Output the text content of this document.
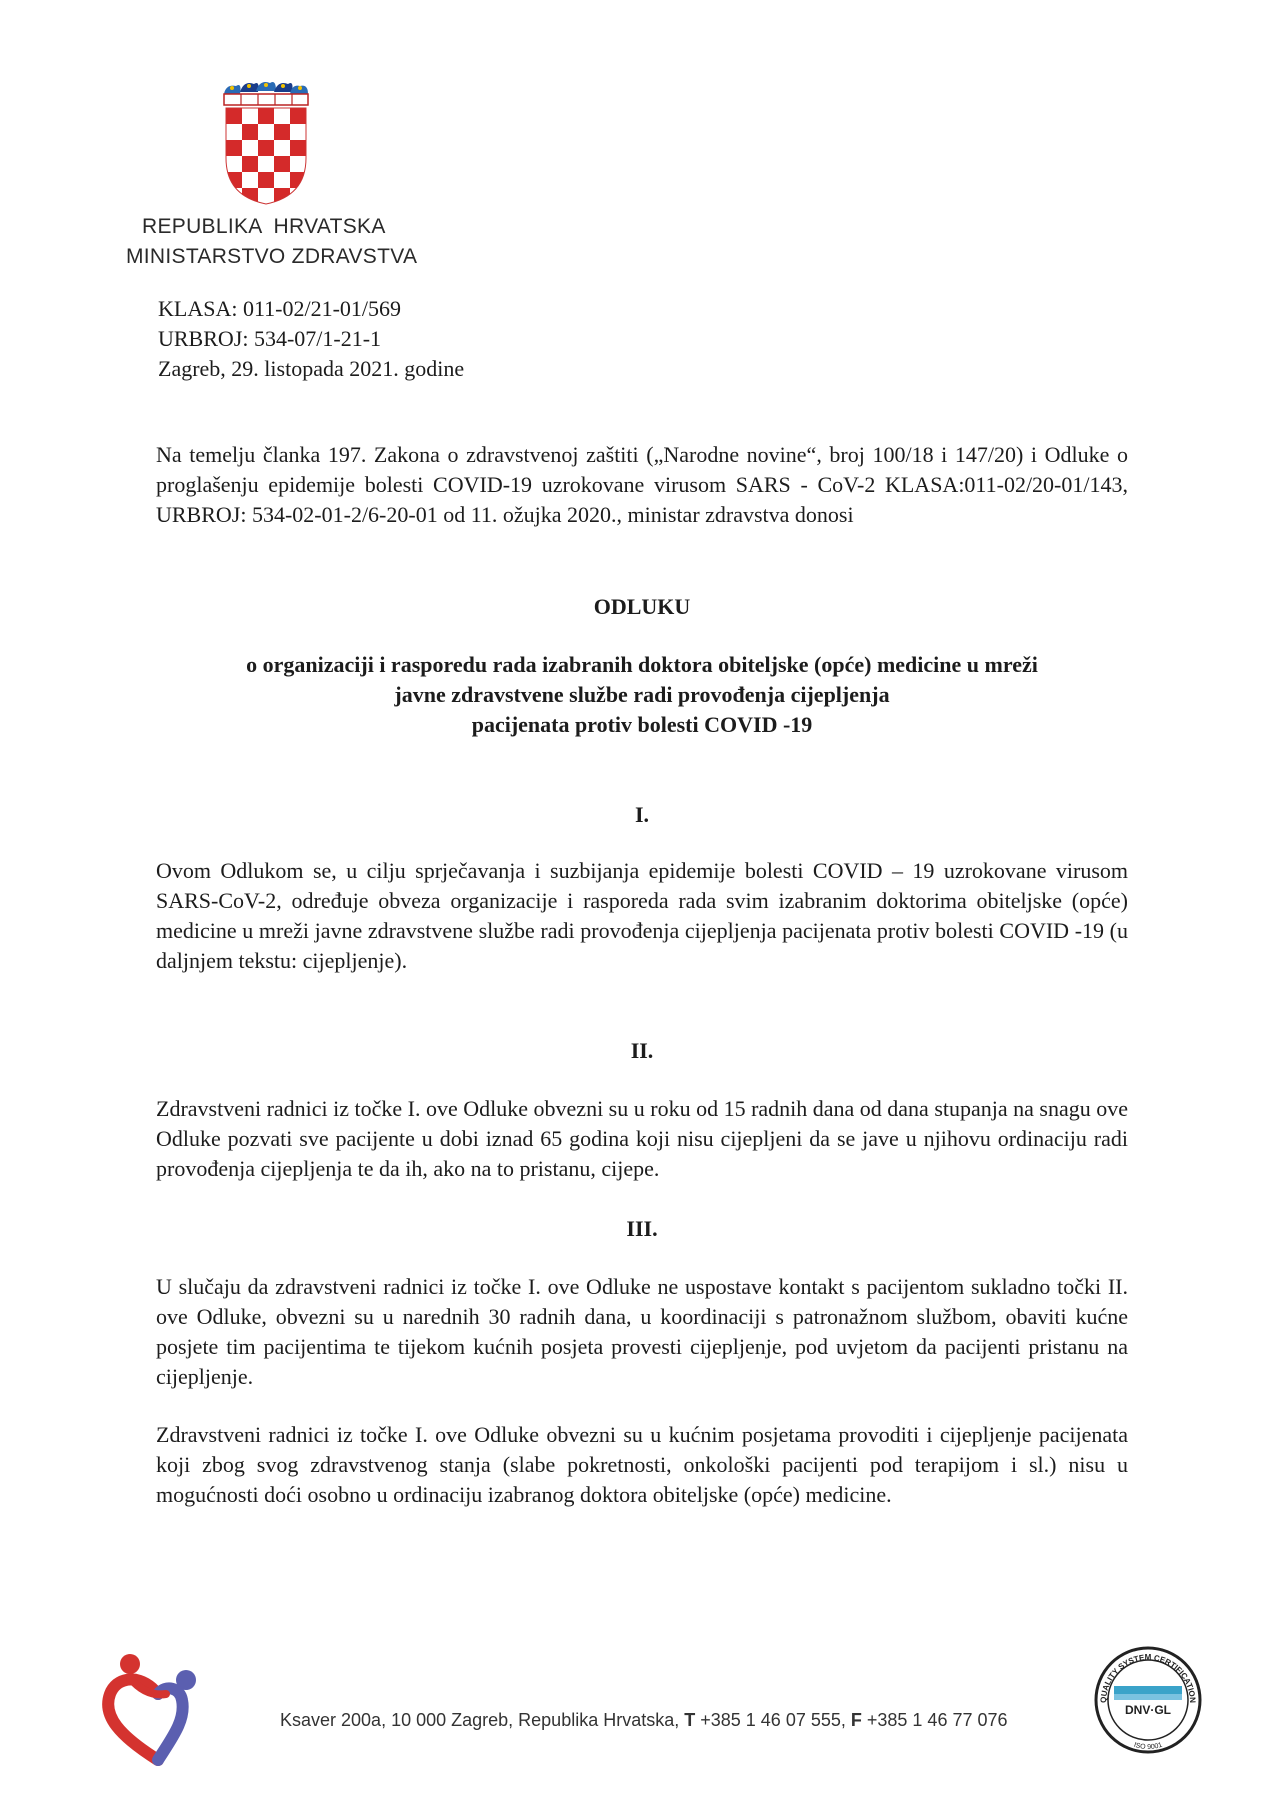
REPUBLIKA HRVATSKA
MINISTARSTVO ZDRAVSTVA
KLASA: 011-02/21-01/569
URBROJ: 534-07/1-21-1
Zagreb, 29. listopada 2021. godine

Na temelju članka 197. Zakona o zdravstvenoj zaštiti („Narodne novine“, broj 100/18 i 147/20) i Odluke o proglašenju epidemije bolesti COVID-19 uzrokovane virusom SARS - CoV-2 KLASA:011-02/20-01/143, URBROJ: 534-02-01-2/6-20-01 od 11. ožujka 2020., ministar zdravstva donosi

ODLUKU

o organizaciji i rasporedu rada izabranih doktora obiteljske (opće) medicine u mreži
javne zdravstvene službe radi provođenja cijepljenja
pacijenata protiv bolesti COVID -19

I.

Ovom Odlukom se, u cilju sprječavanja i suzbijanja epidemije bolesti COVID – 19 uzrokovane virusom SARS-CoV-2, određuje obveza organizacije i rasporeda rada svim izabranim doktorima obiteljske (opće) medicine u mreži javne zdravstvene službe radi provođenja cijepljenja pacijenata protiv bolesti COVID -19 (u daljnjem tekstu: cijepljenje).

II.

Zdravstveni radnici iz točke I. ove Odluke obvezni su u roku od 15 radnih dana od dana stupanja na snagu ove Odluke pozvati sve pacijente u dobi iznad 65 godina koji nisu cijepljeni da se jave u njihovu ordinaciju radi provođenja cijepljenja te da ih, ako na to pristanu, cijepe.

III.

U slučaju da zdravstveni radnici iz točke I. ove Odluke ne uspostave kontakt s pacijentom sukladno točki II. ove Odluke, obvezni su u narednih 30 radnih dana, u koordinaciji s patronažnom službom, obaviti kućne posjete tim pacijentima te tijekom kućnih posjeta provesti cijepljenje, pod uvjetom da pacijenti pristanu na cijepljenje.

Zdravstveni radnici iz točke I. ove Odluke obvezni su u kućnim posjetama provoditi i cijepljenje pacijenata koji zbog svog zdravstvenog stanja (slabe pokretnosti, onkološki pacijenti pod terapijom i sl.) nisu u mogućnosti doći osobno u ordinaciju izabranog doktora obiteljske (opće) medicine.

Ksaver 200a, 10 000 Zagreb, Republika Hrvatska, T +385 1 46 07 555, F +385 1 46 77 076
QUALITY SYSTEM CERTIFICATION
DNV·GL
ISO 9001
